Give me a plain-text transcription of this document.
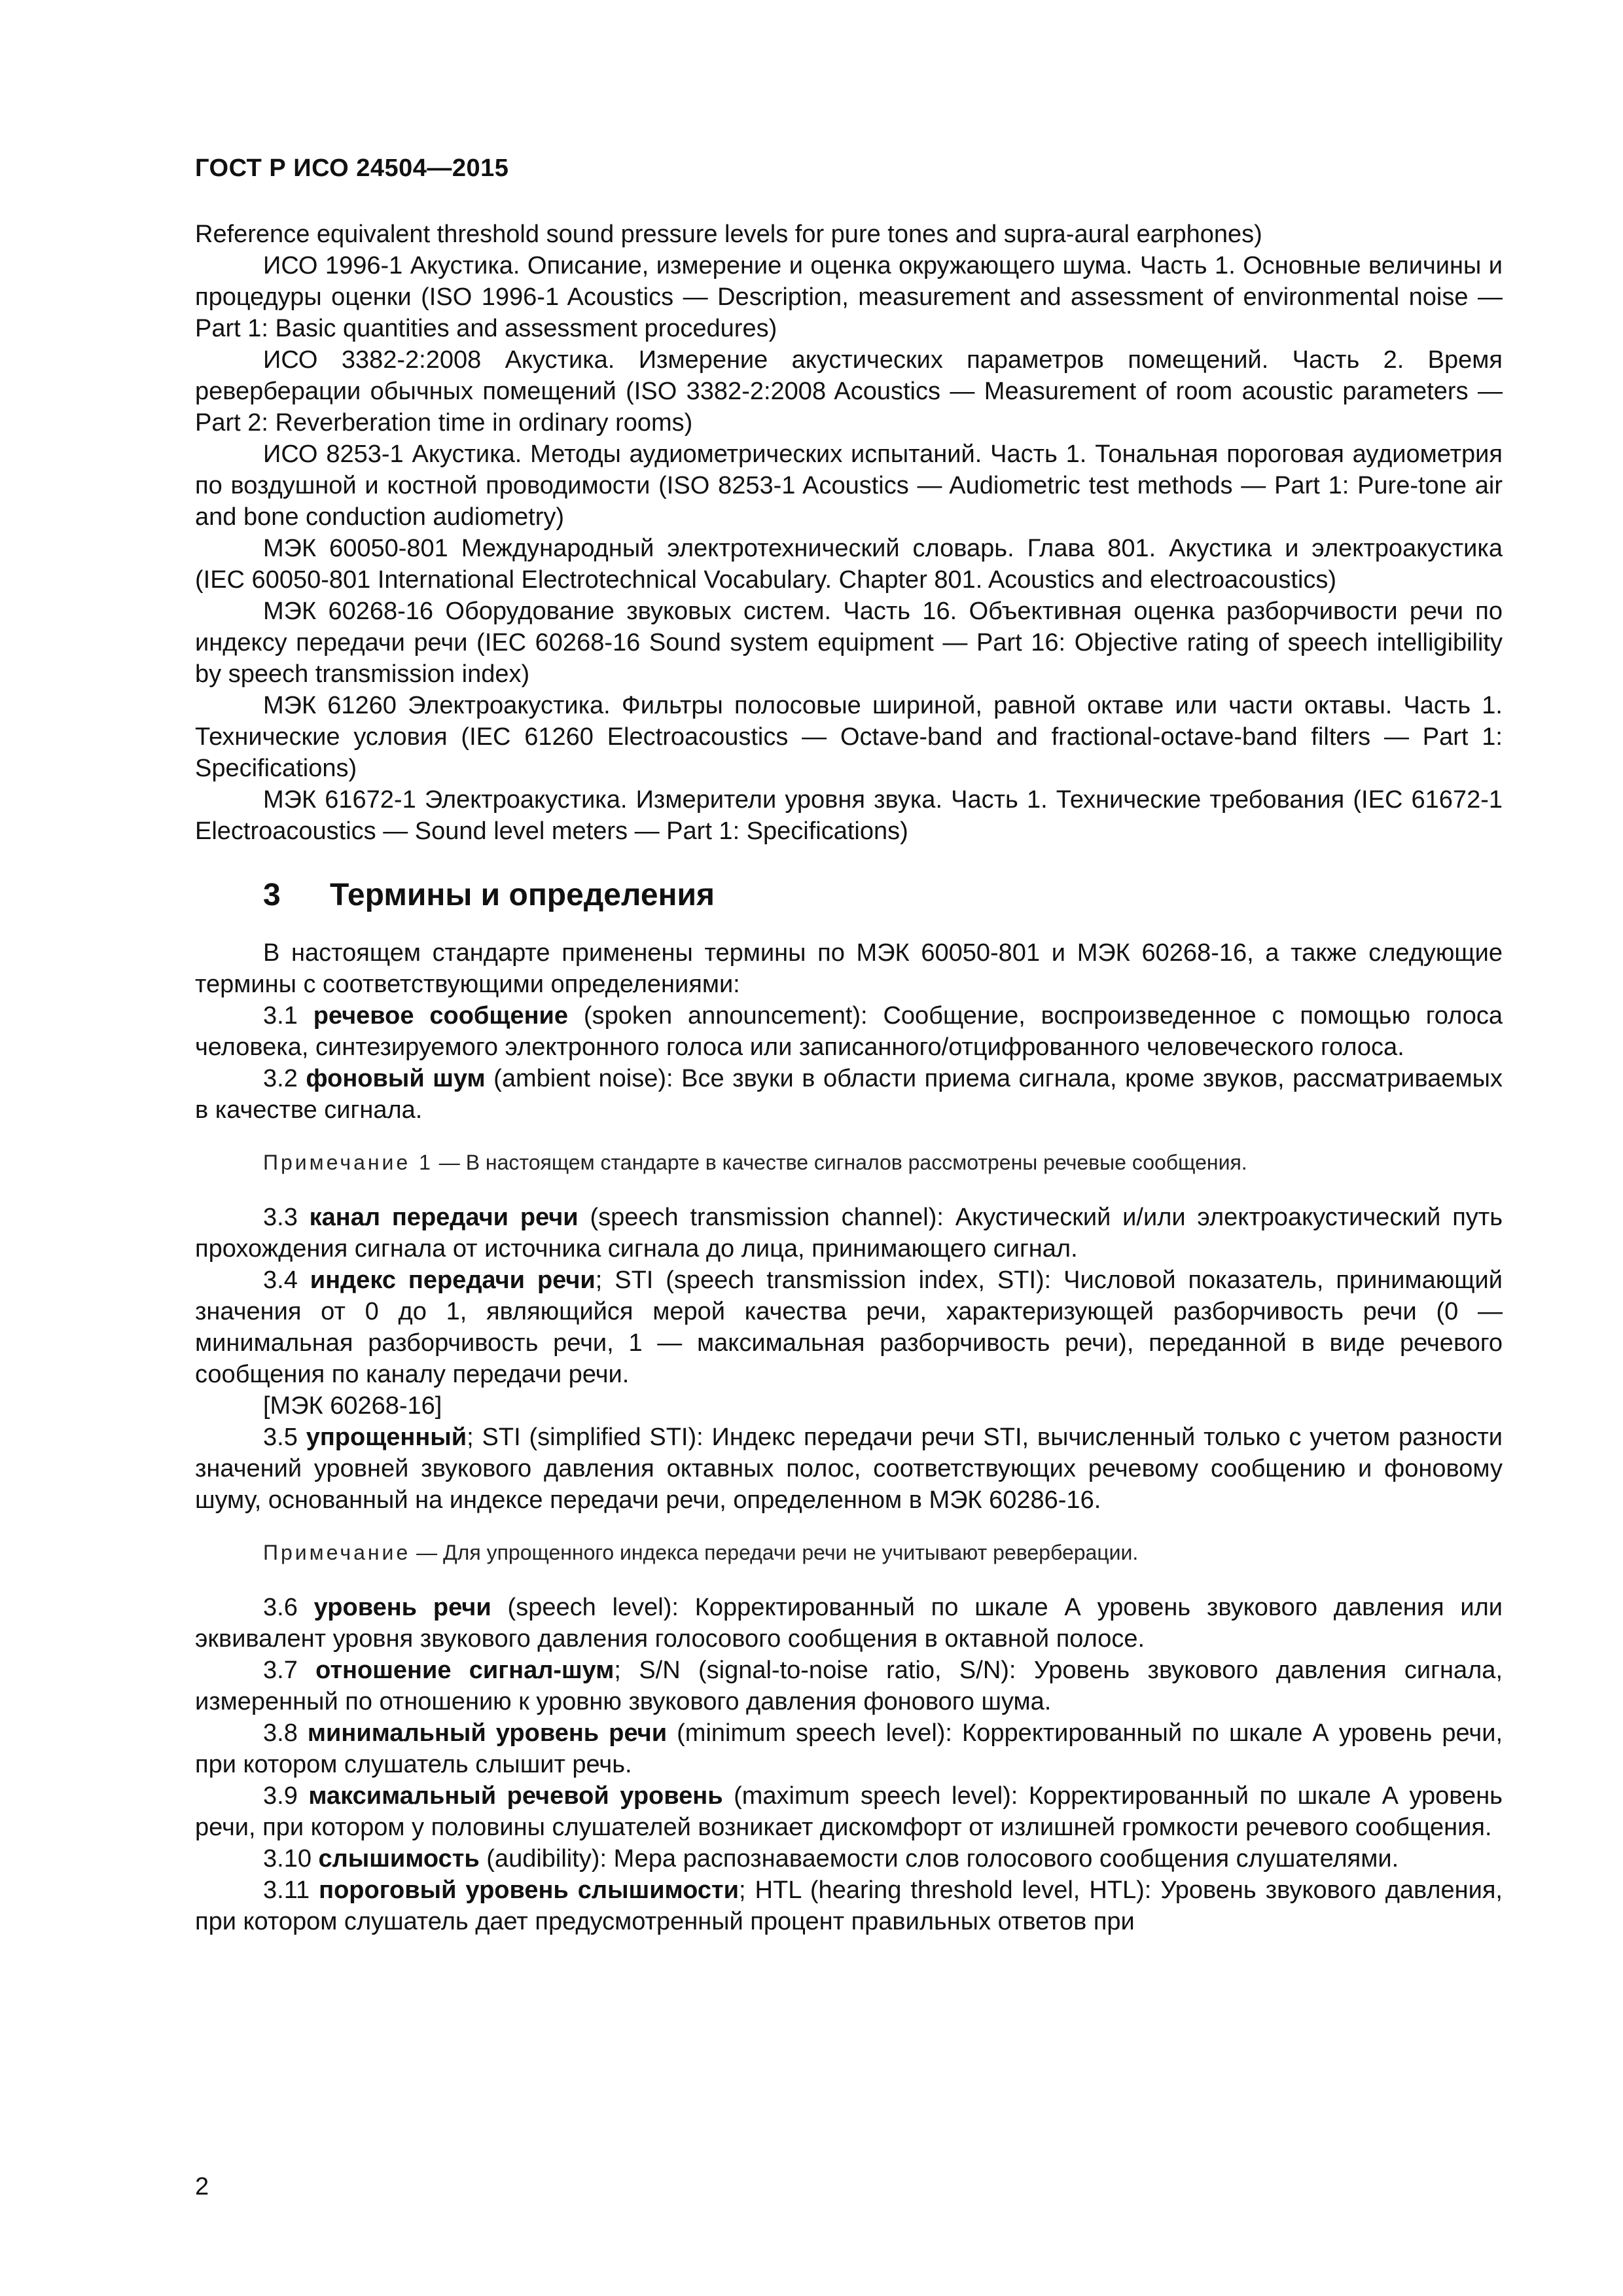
ГОСТ Р ИСО 24504—2015

Reference equivalent threshold sound pressure levels for pure tones and supra-aural earphones)

ИСО 1996-1 Акустика. Описание, измерение и оценка окружающего шума. Часть 1. Основные величины и процедуры оценки (ISO 1996-1 Acoustics — Description, measurement and assessment of environmental noise — Part 1: Basic quantities and assessment procedures)

ИСО 3382-2:2008 Акустика. Измерение акустических параметров помещений. Часть 2. Время реверберации обычных помещений (ISO 3382-2:2008 Acoustics — Measurement of room acoustic parameters — Part 2: Reverberation time in ordinary rooms)

ИСО 8253-1 Акустика. Методы аудиометрических испытаний. Часть 1. Тональная пороговая аудиометрия по воздушной и костной проводимости (ISO 8253-1 Acoustics — Audiometric test methods — Part 1: Pure-tone air and bone conduction audiometry)

МЭК 60050-801 Международный электротехнический словарь. Глава 801. Акустика и электроакустика (IEC 60050-801 International Electrotechnical Vocabulary. Chapter 801. Acoustics and electroacoustics)

МЭК 60268-16 Оборудование звуковых систем. Часть 16. Объективная оценка разборчивости речи по индексу передачи речи (IEC 60268-16 Sound system equipment — Part 16: Objective rating of speech intelligibility by speech transmission index)

МЭК 61260 Электроакустика. Фильтры полосовые шириной, равной октаве или части октавы. Часть 1. Технические условия (IEC 61260 Electroacoustics — Octave-band and fractional-octave-band filters — Part 1: Specifications)

МЭК 61672-1 Электроакустика. Измерители уровня звука. Часть 1. Технические требования (IEC 61672-1 Electroacoustics — Sound level meters — Part 1: Specifications)

3 Термины и определения

В настоящем стандарте применены термины по МЭК 60050-801 и МЭК 60268-16, а также следующие термины с соответствующими определениями:

3.1 речевое сообщение (spoken announcement): Сообщение, воспроизведенное с помощью голоса человека, синтезируемого электронного голоса или записанного/отцифрованного человеческого голоса.

3.2 фоновый шум (ambient noise): Все звуки в области приема сигнала, кроме звуков, рассматриваемых в качестве сигнала.

Примечание 1 — В настоящем стандарте в качестве сигналов рассмотрены речевые сообщения.

3.3 канал передачи речи (speech transmission channel): Акустический и/или электроакустический путь прохождения сигнала от источника сигнала до лица, принимающего сигнал.

3.4 индекс передачи речи; STI (speech transmission index, STI): Числовой показатель, принимающий значения от 0 до 1, являющийся мерой качества речи, характеризующей разборчивость речи (0 — минимальная разборчивость речи, 1 — максимальная разборчивость речи), переданной в виде речевого сообщения по каналу передачи речи.

[МЭК 60268-16]

3.5 упрощенный; STI (simplified STI): Индекс передачи речи STI, вычисленный только с учетом разности значений уровней звукового давления октавных полос, соответствующих речевому сообщению и фоновому шуму, основанный на индексе передачи речи, определенном в МЭК 60286-16.

Примечание — Для упрощенного индекса передачи речи не учитывают реверберации.

3.6 уровень речи (speech level): Корректированный по шкале А уровень звукового давления или эквивалент уровня звукового давления голосового сообщения в октавной полосе.

3.7 отношение сигнал-шум; S/N (signal-to-noise ratio, S/N): Уровень звукового давления сигнала, измеренный по отношению к уровню звукового давления фонового шума.

3.8 минимальный уровень речи (minimum speech level): Корректированный по шкале А уровень речи, при котором слушатель слышит речь.

3.9 максимальный речевой уровень (maximum speech level): Корректированный по шкале А уровень речи, при котором у половины слушателей возникает дискомфорт от излишней громкости речевого сообщения.

3.10 слышимость (audibility): Мера распознаваемости слов голосового сообщения слушателями.

3.11 пороговый уровень слышимости; HTL (hearing threshold level, HTL): Уровень звукового давления, при котором слушатель дает предусмотренный процент правильных ответов при

2
